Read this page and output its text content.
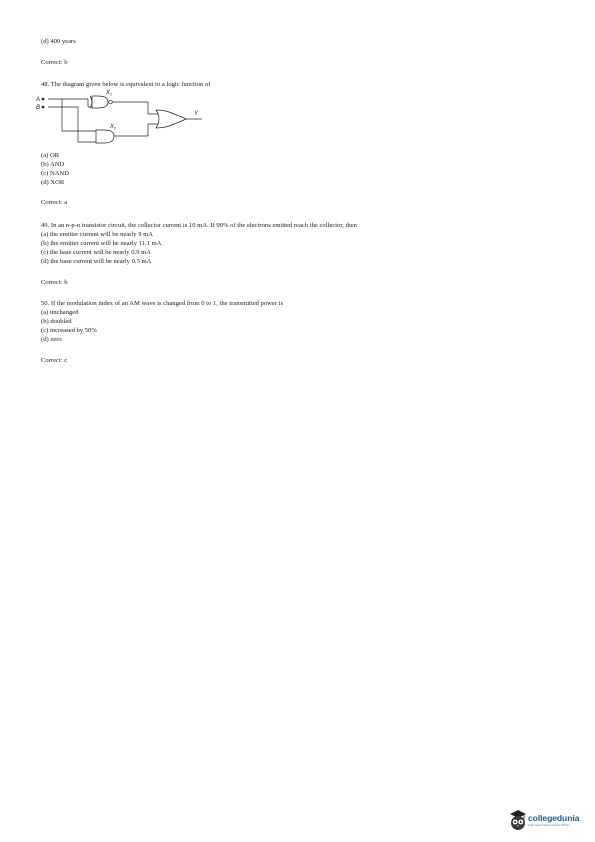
(d) 400 years
Correct: b
48. The diagram given below is equivalent to a logic function of
A
B
$X_1$
$X_2$
Y
(a) OR
(b) AND
(c) NAND
(d) XOR
Correct: a
49. In an n-p-n transistor circuit, the collector current is 10 mA. If 90% of the electrons emitted reach the collector, then
(a) the emitter current will be nearly 9 mA
(b) the emitter current will be nearly 11.1 mA
(c) the base current will be nearly 0.9 mA
(d) the base current will be nearly 0.5 mA
Correct: b
50. If the modulation index of an AM wave is changed from 0 to 1, the transmitted power is
(a) unchanged
(b) doubled
(c) increased by 50%
(d) zero
Correct: c
collegedunia
India's largest Student Review Platform
